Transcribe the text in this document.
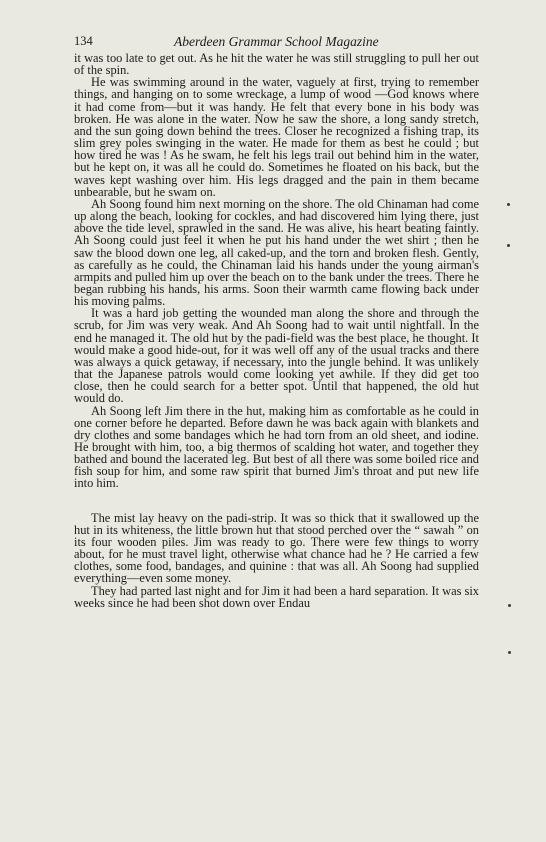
134	Aberdeen Grammar School Magazine

it was too late to get out. As he hit the water he was still struggling to pull her out of the spin.

He was swimming around in the water, vaguely at first, trying to remember things, and hanging on to some wreckage, a lump of wood —God knows where it had come from—but it was handy. He felt that every bone in his body was broken. He was alone in the water. Now he saw the shore, a long sandy stretch, and the sun going down behind the trees. Closer he recognized a fishing trap, its slim grey poles swinging in the water. He made for them as best he could ; but how tired he was ! As he swam, he felt his legs trail out behind him in the water, but he kept on, it was all he could do. Sometimes he floated on his back, but the waves kept washing over him. His legs dragged and the pain in them became unbearable, but he swam on.

Ah Soong found him next morning on the shore. The old Chinaman had come up along the beach, looking for cockles, and had discovered him lying there, just above the tide level, sprawled in the sand. He was alive, his heart beating faintly. Ah Soong could just feel it when he put his hand under the wet shirt ; then he saw the blood down one leg, all caked-up, and the torn and broken flesh. Gently, as carefully as he could, the Chinaman laid his hands under the young airman's armpits and pulled him up over the beach on to the bank under the trees. There he began rubbing his hands, his arms. Soon their warmth came flowing back under his moving palms.

It was a hard job getting the wounded man along the shore and through the scrub, for Jim was very weak. And Ah Soong had to wait until nightfall. In the end he managed it. The old hut by the padi-field was the best place, he thought. It would make a good hide-out, for it was well off any of the usual tracks and there was always a quick getaway, if necessary, into the jungle behind. It was unlikely that the Japanese patrols would come looking yet awhile. If they did get too close, then he could search for a better spot. Until that happened, the old hut would do.

Ah Soong left Jim there in the hut, making him as comfortable as he could in one corner before he departed. Before dawn he was back again with blankets and dry clothes and some bandages which he had torn from an old sheet, and iodine. He brought with him, too, a big thermos of scalding hot water, and together they bathed and bound the lacerated leg. But best of all there was some boiled rice and fish soup for him, and some raw spirit that burned Jim's throat and put new life into him.

The mist lay heavy on the padi-strip. It was so thick that it swallowed up the hut in its whiteness, the little brown hut that stood perched over the “ sawah ” on its four wooden piles. Jim was ready to go. There were few things to worry about, for he must travel light, otherwise what chance had he ? He carried a few clothes, some food, bandages, and quinine : that was all. Ah Soong had supplied everything—even some money.

They had parted last night and for Jim it had been a hard separation. It was six weeks since he had been shot down over Endau
